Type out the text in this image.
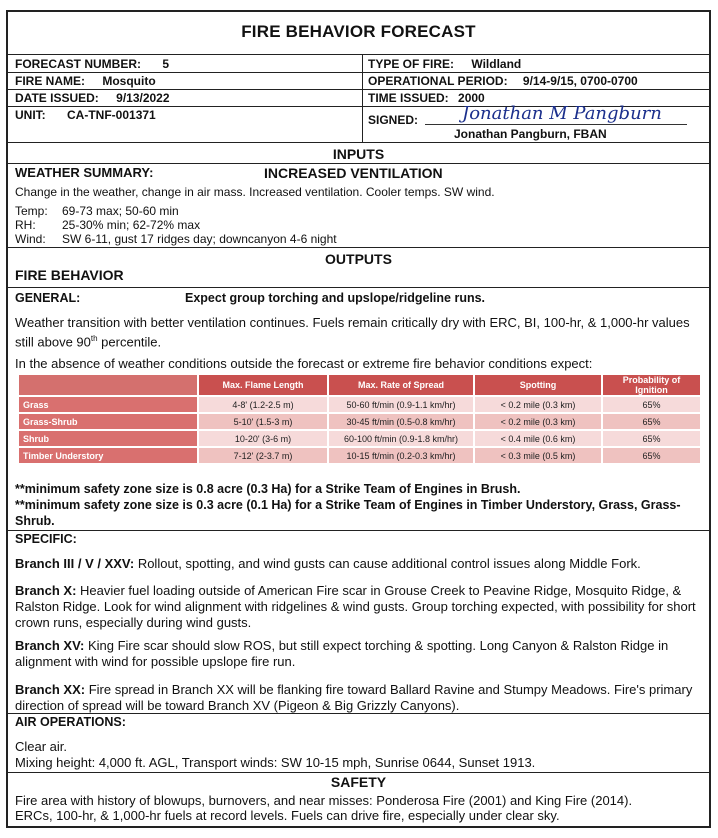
FIRE BEHAVIOR FORECAST
FORECAST NUMBER: 5	TYPE OF FIRE: Wildland
FIRE NAME: Mosquito	OPERATIONAL PERIOD: 9/14-9/15, 0700-0700
DATE ISSUED: 9/13/2022	TIME ISSUED: 2000
UNIT: CA-TNF-001371	SIGNED: Jonathan M Pangburn
Jonathan Pangburn, FBAN
INPUTS
WEATHER SUMMARY:	INCREASED VENTILATION
Change in the weather, change in air mass. Increased ventilation. Cooler temps. SW wind.
Temp: 69-73 max; 50-60 min
RH: 25-30% min; 62-72% max
Wind: SW 6-11, gust 17 ridges day; downcanyon 4-6 night
OUTPUTS
FIRE BEHAVIOR
GENERAL:	Expect group torching and upslope/ridgeline runs.

Weather transition with better ventilation continues. Fuels remain critically dry with ERC, BI, 100-hr, & 1,000-hr values still above 90th percentile.

In the absence of weather conditions outside the forecast or extreme fire behavior conditions expect:

	Max. Flame Length	Max. Rate of Spread	Spotting	Probability of Ignition
Grass	4-8' (1.2-2.5 m)	50-60 ft/min (0.9-1.1 km/hr)	< 0.2 mile (0.3 km)	65%
Grass-Shrub	5-10' (1.5-3 m)	30-45 ft/min (0.5-0.8 km/hr)	< 0.2 mile (0.3 km)	65%
Shrub	10-20' (3-6 m)	60-100 ft/min (0.9-1.8 km/hr)	< 0.4 mile (0.6 km)	65%
Timber Understory	7-12' (2-3.7 m)	10-15 ft/min (0.2-0.3 km/hr)	< 0.3 mile (0.5 km)	65%

**minimum safety zone size is 0.8 acre (0.3 Ha) for a Strike Team of Engines in Brush.

**minimum safety zone size is 0.3 acre (0.1 Ha) for a Strike Team of Engines in Timber Understory, Grass, Grass-Shrub.

SPECIFIC:

Branch III / V / XXV: Rollout, spotting, and wind gusts can cause additional control issues along Middle Fork.

Branch X: Heavier fuel loading outside of American Fire scar in Grouse Creek to Peavine Ridge, Mosquito Ridge, & Ralston Ridge. Look for wind alignment with ridgelines & wind gusts. Group torching expected, with possibility for short crown runs, especially during wind gusts.

Branch XV: King Fire scar should slow ROS, but still expect torching & spotting. Long Canyon & Ralston Ridge in alignment with wind for possible upslope fire run.

Branch XX: Fire spread in Branch XX will be flanking fire toward Ballard Ravine and Stumpy Meadows. Fire's primary direction of spread will be toward Branch XV (Pigeon & Big Grizzly Canyons).

AIR OPERATIONS:

Clear air.

Mixing height: 4,000 ft. AGL, Transport winds: SW 10-15 mph, Sunrise 0644, Sunset 1913.

SAFETY

Fire area with history of blowups, burnovers, and near misses: Ponderosa Fire (2001) and King Fire (2014).

ERCs, 100-hr, & 1,000-hr fuels at record levels. Fuels can drive fire, especially under clear sky.
